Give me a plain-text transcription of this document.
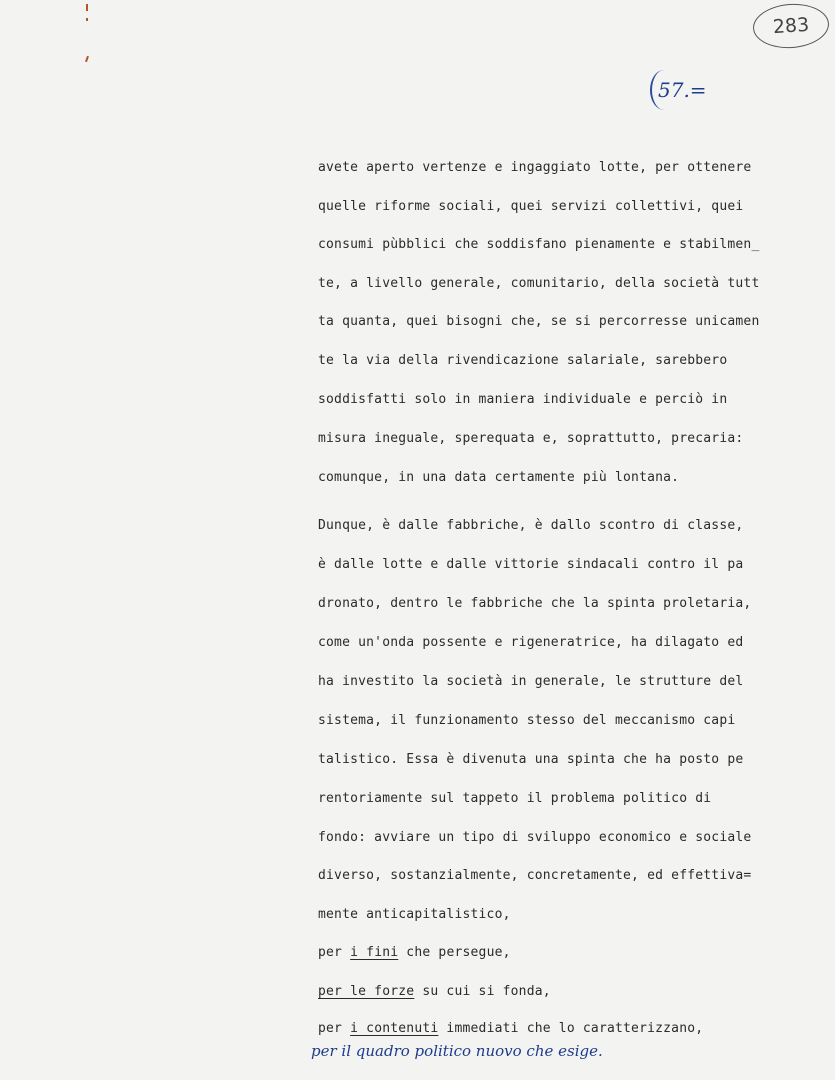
283
57.=
avete aperto vertenze e ingaggiato lotte, per ottenere
quelle riforme sociali, quei servizi collettivi, quei
consumi pùbblici che soddisfano pienamente e stabilmen_
te, a livello generale, comunitario, della società tutt
ta quanta, quei bisogni che, se si percorresse unicamen
te la via della rivendicazione salariale, sarebbero
soddisfatti solo in maniera individuale e perciò in
misura ineguale, sperequata e, soprattutto, precaria:
comunque, in una data certamente più lontana.
Dunque, è dalle fabbriche, è dallo scontro di classe,
è dalle lotte e dalle vittorie sindacali contro il pa
dronato, dentro le fabbriche che la spinta proletaria,
come un'onda possente e rigeneratrice, ha dilagato ed
ha investito la società in generale, le strutture del
sistema, il funzionamento stesso del meccanismo capi
talistico. Essa è divenuta una spinta che ha posto pe
rentoriamente sul tappeto il problema politico di
fondo: avviare un tipo di sviluppo economico e sociale
diverso, sostanzialmente, concretamente, ed effettiva=
mente anticapitalistico,
per i fini che persegue,
per le forze su cui si fonda,
per i contenuti immediati che lo caratterizzano,
per il quadro politico nuovo che esige.
